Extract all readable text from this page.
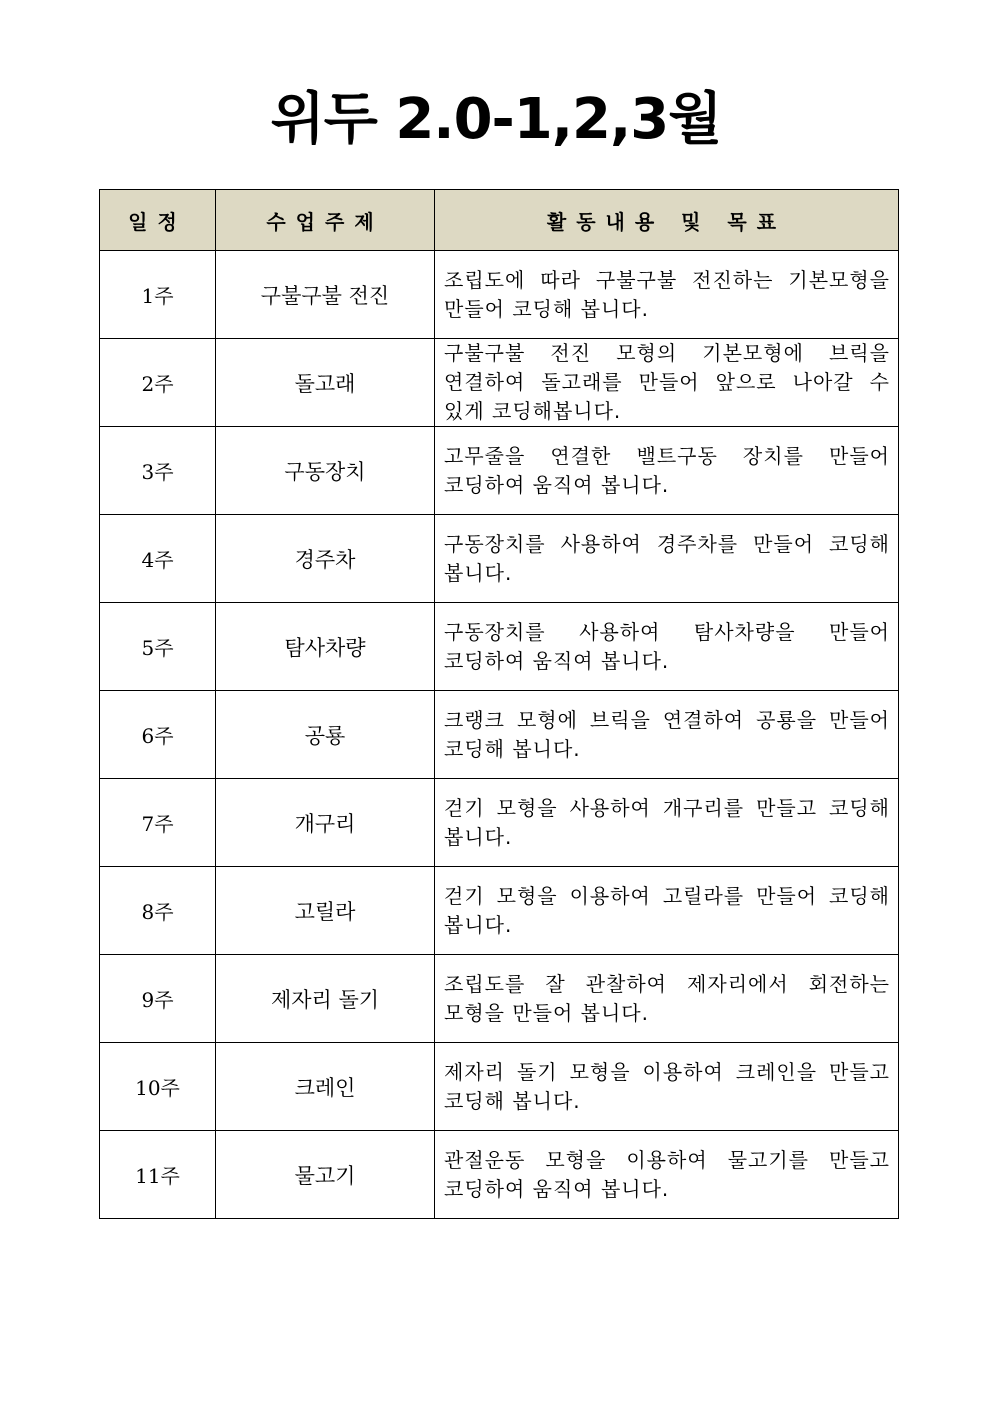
위두 2.0-1,2,3월
일정	수업주제	활동내용 및 목표
1주	구불구불 전진	조립도에 따라 구불구불 전진하는 기본모형을 만들어 코딩해 봅니다.
2주	돌고래	구불구불 전진 모형의 기본모형에 브릭을 연결하여 돌고래를 만들어 앞으로 나아갈 수 있게 코딩해봅니다.
3주	구동장치	고무줄을 연결한 밸트구동 장치를 만들어 코딩하여 움직여 봅니다.
4주	경주차	구동장치를 사용하여 경주차를 만들어 코딩해 봅니다.
5주	탐사차량	구동장치를 사용하여 탐사차량을 만들어 코딩하여 움직여 봅니다.
6주	공룡	크랭크 모형에 브릭을 연결하여 공룡을 만들어 코딩해 봅니다.
7주	개구리	걷기 모형을 사용하여 개구리를 만들고 코딩해 봅니다.
8주	고릴라	걷기 모형을 이용하여 고릴라를 만들어 코딩해 봅니다.
9주	제자리 돌기	조립도를 잘 관찰하여 제자리에서 회전하는 모형을 만들어 봅니다.
10주	크레인	제자리 돌기 모형을 이용하여 크레인을 만들고 코딩해 봅니다.
11주	물고기	관절운동 모형을 이용하여 물고기를 만들고 코딩하여 움직여 봅니다.
